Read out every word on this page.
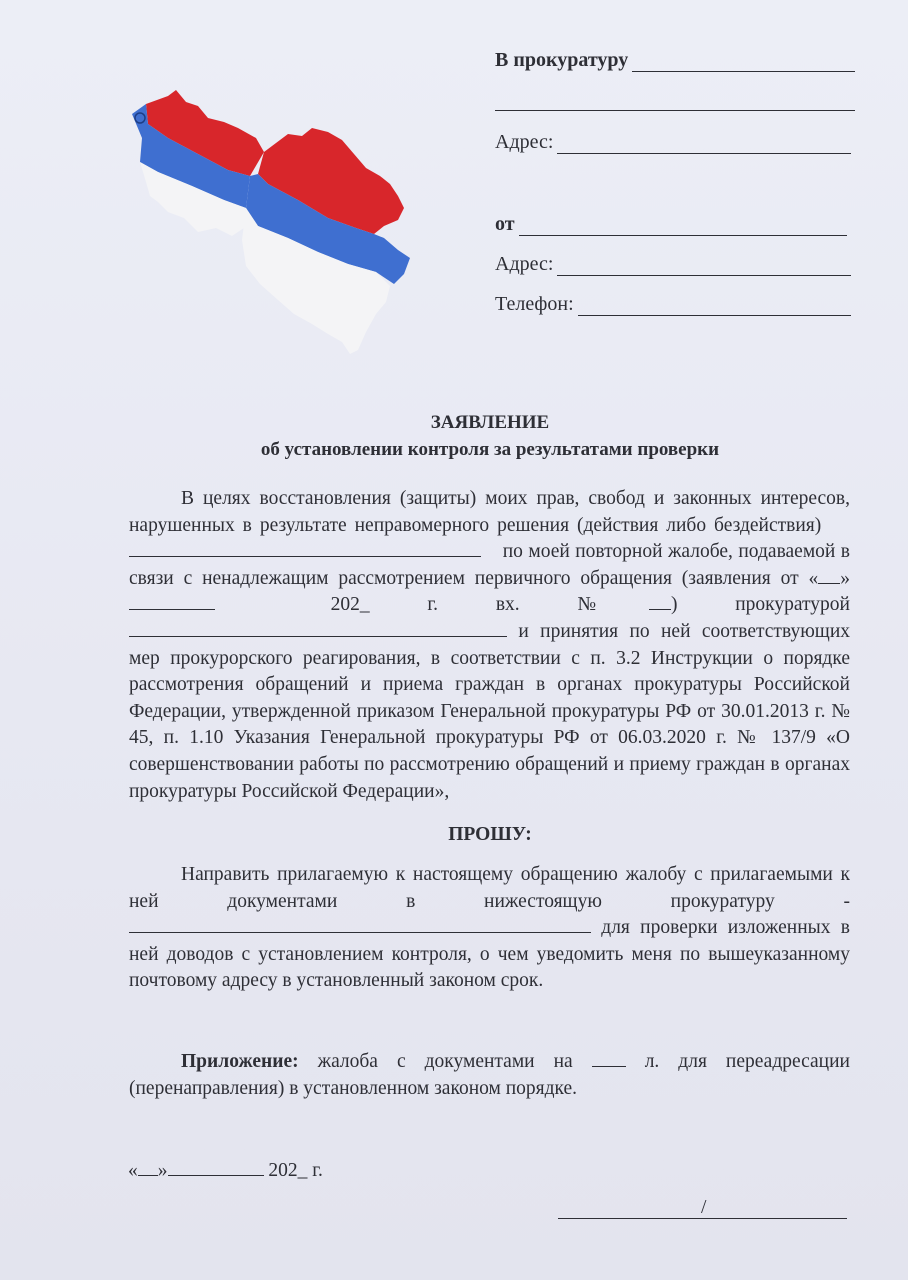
В прокуратуру
Адрес:
от
Адрес:
Телефон:
ЗАЯВЛЕНИЕ
об установлении контроля за результатами проверки

В целях восстановления (защиты) моих прав, свобод и законных интересов, нарушенных в результате неправомерного решения (действия либо бездействия)        по моей повторной жалобе, подаваемой в связи с ненадлежащим рассмотрением первичного обращения (заявления от « »  202_ г. вх. № ) прокуратурой  и принятия по ней соответствующих мер прокурорского реагирования, в соответствии с п. 3.2 Инструкции о порядке рассмотрения обращений и приема граждан в органах прокуратуры Российской Федерации, утвержденной приказом Генеральной прокуратуры РФ от 30.01.2013 г. № 45, п. 1.10 Указания Генеральной прокуратуры РФ от 06.03.2020 г. № 137/9 «О совершенствовании работы по рассмотрению обращений и приему граждан в органах прокуратуры Российской Федерации»,

ПРОШУ:

Направить прилагаемую к настоящему обращению жалобу с прилагаемыми к ней документами в нижестоящую прокуратуру -  для проверки изложенных в ней доводов с установлением контроля, о чем уведомить меня по вышеуказанному почтовому адресу в установленный законом срок.

Приложение: жалоба с документами на	л. для переадресации (перенаправления) в установленном законом порядке.

« »	202_ г.
/
